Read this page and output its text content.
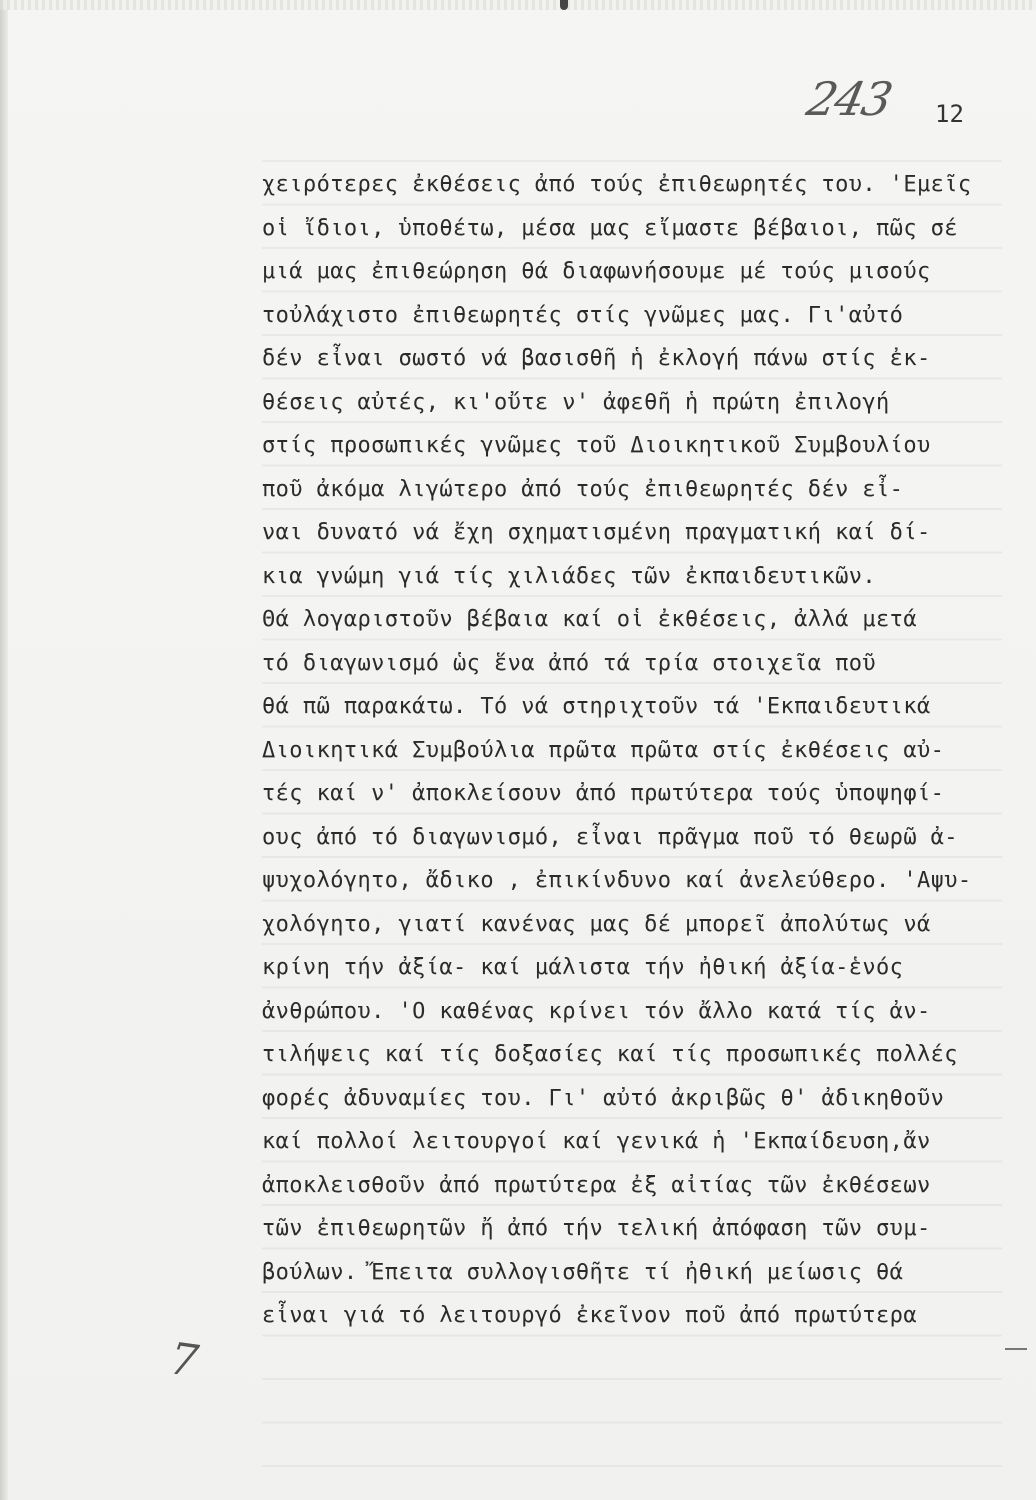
243 12
χειρότερες ἐκθέσεις ἀπό τούς ἐπιθεωρητές του. 'Εμεῖς
οἱ ἴδιοι, ὑποθέτω, μέσα μας εἴμαστε βέβαιοι, πῶς σέ
μιά μας ἐπιθεώρηση θά διαφωνήσουμε μέ τούς μισούς
τοὐλάχιστο ἐπιθεωρητές στίς γνῶμες μας. Γι'αὐτό
δέν εἶναι σωστό νά βασισθῆ ἡ ἐκλογή πάνω στίς ἐκ-
θέσεις αὐτές, κι'οὔτε ν' ἀφεθῆ ἡ πρώτη ἐπιλογή
στίς προσωπικές γνῶμες τοῦ Διοικητικοῦ Συμβουλίου
ποῦ ἀκόμα λιγώτερο ἀπό τούς ἐπιθεωρητές δέν εἶ-
ναι δυνατό νά ἔχη σχηματισμένη πραγματική καί δί-
κια γνώμη γιά τίς χιλιάδες τῶν ἐκπαιδευτικῶν.
Θά λογαριστοῦν βέβαια καί οἱ ἐκθέσεις, ἀλλά μετά
τό διαγωνισμό ὡς ἕνα ἀπό τά τρία στοιχεῖα ποῦ
θά πῶ παρακάτω. Τό νά στηριχτοῦν τά 'Εκπαιδευτικά
Διοικητικά Συμβούλια πρῶτα πρῶτα στίς ἐκθέσεις αὐ-
τές καί ν' ἀποκλείσουν ἀπό πρωτύτερα τούς ὑποψηφί-
ους ἀπό τό διαγωνισμό, εἶναι πρᾶγμα ποῦ τό θεωρῶ ἀ-
ψυχολόγητο, ἄδικο , ἐπικίνδυνο καί ἀνελεύθερο. 'Αψυ-
χολόγητο, γιατί κανένας μας δέ μπορεῖ ἀπολύτως νά
κρίνη τήν ἀξία- καί μάλιστα τήν ἠθική ἀξία-ἑνός
ἀνθρώπου. 'Ο καθένας κρίνει τόν ἄλλο κατά τίς ἀν-
τιλήψεις καί τίς δοξασίες καί τίς προσωπικές πολλές
φορές ἀδυναμίες του. Γι' αὐτό ἀκριβῶς θ' ἀδικηθοῦν
καί πολλοί λειτουργοί καί γενικά ἡ 'Εκπαίδευση,ἄν
ἀποκλεισθοῦν ἀπό πρωτύτερα ἐξ αἰτίας τῶν ἐκθέσεων
τῶν ἐπιθεωρητῶν ἤ ἀπό τήν τελική ἀπόφαση τῶν συμ-
βούλων. Ἔπειτα συλλογισθῆτε τί ἠθική μείωσις θά
εἶναι γιά τό λειτουργό ἐκεῖνον ποῦ ἀπό πρωτύτερα
7
